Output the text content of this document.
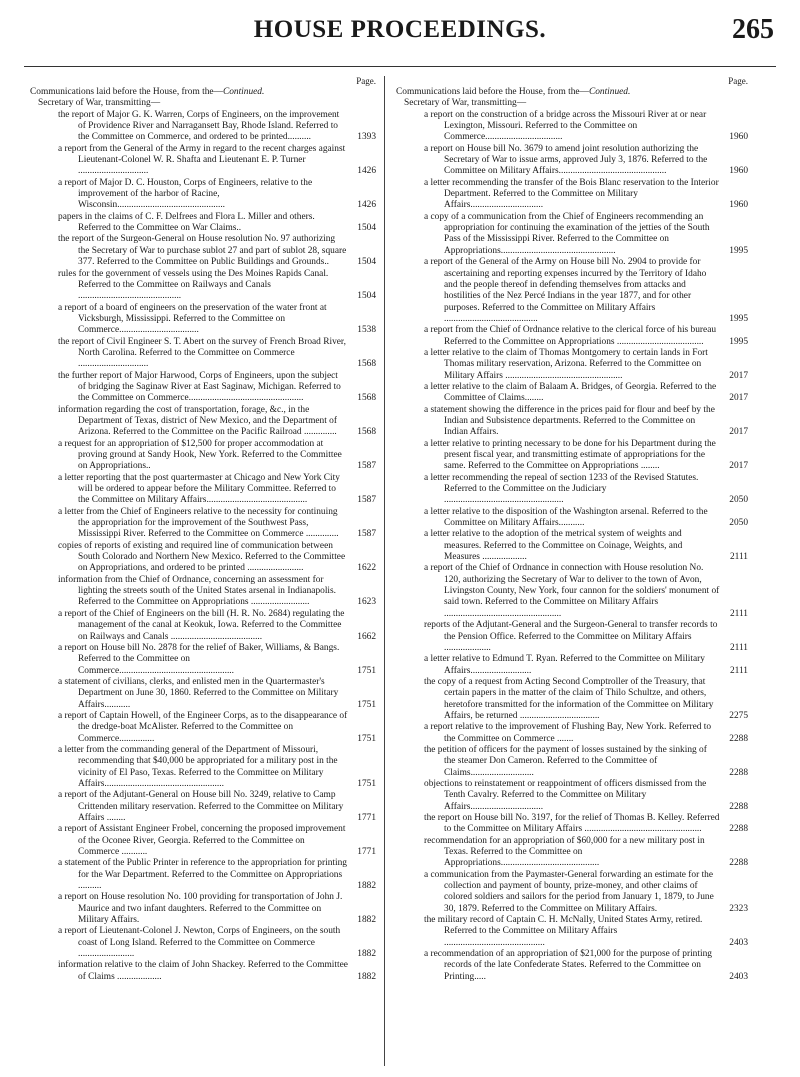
HOUSE PROCEEDINGS.	265
Page.
Communications laid before the House, from the—Continued.
Secretary of War, transmitting—
the report of Major G. K. Warren, Corps of Engineers, on the improvement of Providence River and Narragansett Bay, Rhode Island. Referred to the Committee on Commerce, and ordered to be printed..........	1393
a report from the General of the Army in regard to the recent charges against Lieutenant-Colonel W. R. Shafta and Lieutenant E. P. Turner ..............................	1426
a report of Major D. C. Houston, Corps of Engineers, relative to the improvement of the harbor of Racine, Wisconsin..............................................	1426
papers in the claims of C. F. Delfrees and Flora L. Miller and others. Referred to the Committee on War Claims..	1504
the report of the Surgeon-General on House resolution No. 97 authorizing the Secretary of War to purchase sublot 27 and part of sublot 28, square 377. Referred to the Committee on Public Buildings and Grounds..	1504
rules for the government of vessels using the Des Moines Rapids Canal. Referred to the Committee on Railways and Canals ............................................	1504
a report of a board of engineers on the preservation of the water front at Vicksburgh, Mississippi. Referred to the Committee on Commerce..................................	1538
the report of Civil Engineer S. T. Abert on the survey of French Broad River, North Carolina. Referred to the Committee on Commerce ..............................	1568
the further report of Major Harwood, Corps of Engineers, upon the subject of bridging the Saginaw River at East Saginaw, Michigan. Referred to the Committee on Commerce.................................................	1568
information regarding the cost of transportation, forage, &c., in the Department of Texas, district of New Mexico, and the Department of Arizona. Referred to the Committee on the Pacific Railroad .............. 1568
a request for an appropriation of $12,500 for proper accommodation at proving ground at Sandy Hook, New York. Referred to the Committee on Appropriations..	1587
a letter reporting that the post quartermaster at Chicago and New York City will be ordered to appear before the Military Committee. Referred to the Committee on Military Affairs...........................................	1587
a letter from the Chief of Engineers relative to the necessity for continuing the appropriation for the improvement of the Southwest Pass, Mississippi River. Referred to the Committee on Commerce .............. 1587
copies of reports of existing and required line of communication between South Colorado and Northern New Mexico. Referred to the Committee on Appropriations, and ordered to be printed ........................	1622
information from the Chief of Ordnance, concerning an assessment for lighting the streets south of the United States arsenal in Indianapolis. Referred to the Committee on Appropriations .........................	1623
a report of the Chief of Engineers on the bill (H. R. No. 2684) regulating the management of the canal at Keokuk, Iowa. Referred to the Committee on Railways and Canals .......................................	1662
a report on House bill No. 2878 for the relief of Baker, Williams, & Bangs. Referred to the Committee on Commerce.................................................	1751
a statement of civilians, clerks, and enlisted men in the Quartermaster's Department on June 30, 1860. Referred to the Committee on Military Affairs...........	1751
a report of Captain Howell, of the Engineer Corps, as to the disappearance of the dredge-boat McAlister. Referred to the Committee on Commerce...............	1751
a letter from the commanding general of the Department of Missouri, recommending that $40,000 be appropriated for a military post in the vicinity of El Paso, Texas. Referred to the Committee on Military Affairs...................................................	1751
a report of the Adjutant-General on House bill No. 3249, relative to Camp Crittenden military reservation. Referred to the Committee on Military Affairs ........	1771
a report of Assistant Engineer Frobel, concerning the proposed improvement of the Oconee River, Georgia. Referred to the Committee on Commerce ...........	1771
a statement of the Public Printer in reference to the appropriation for printing for the War Department. Referred to the Committee on Appropriations ..........	1882
a report on House resolution No. 100 providing for transportation of John J. Maurice and two infant daughters. Referred to the Committee on Military Affairs.	1882
a report of Lieutenant-Colonel J. Newton, Corps of Engineers, on the south coast of Long Island. Referred to the Committee on Commerce ........................	1882
information relative to the claim of John Shackey. Referred to the Committee of Claims ...................	1882
Page.
Communications laid before the House, from the—Continued.
Secretary of War, transmitting—
a report on the construction of a bridge across the Missouri River at or near Lexington, Missouri. Referred to the Committee on Commerce.................................	1960
a report on House bill No. 3679 to amend joint resolution authorizing the Secretary of War to issue arms, approved July 3, 1876. Referred to the Committee on Military Affairs..............................................	1960
a letter recommending the transfer of the Bois Blanc reservation to the Interior Department. Referred to the Committee on Military Affairs...............................	1960
a copy of a communication from the Chief of Engineers recommending an appropriation for continuing the examination of the jetties of the South Pass of the Mississippi River. Referred to the Committee on Appropriations.................................................	1995
a report of the General of the Army on House bill No. 2904 to provide for ascertaining and reporting expenses incurred by the Territory of Idaho and the people thereof in defending themselves from attacks and hostilities of the Nez Percé Indians in the year 1877, and for other purposes. Referred to the Committee on Military Affairs ........................................	1995
a report from the Chief of Ordnance relative to the clerical force of his bureau Referred to the Committee on Appropriations .....................................	1995
a letter relative to the claim of Thomas Montgomery to certain lands in Fort Thomas military reservation, Arizona. Referred to the Committee on Military Affairs ..................................................	2017
a letter relative to the claim of Balaam A. Bridges, of Georgia. Referred to the Committee of Claims........	2017
a statement showing the difference in the prices paid for flour and beef by the Indian and Subsistence departments. Referred to the Committee on Indian Affairs.	2017
a letter relative to printing necessary to be done for his Department during the present fiscal year, and transmitting estimate of appropriations for the same. Referred to the Committee on Appropriations ........	2017
a letter recommending the repeal of section 1233 of the Revised Statutes. Referred to the Committee on the Judiciary ...................................................	2050
a letter relative to the disposition of the Washington arsenal. Referred to the Committee on Military Affairs...........	2050
a letter relative to the adoption of the metrical system of weights and measures. Referred to the Committee on Coinage, Weights, and Measures ...................	2111
a report of the Chief of Ordnance in connection with House resolution No. 120, authorizing the Secretary of War to deliver to the town of Avon, Livingston County, New York, four cannon for the soldiers' monument of said town. Referred to the Committee on Military Affairs ..................................................	2111
reports of the Adjutant-General and the Surgeon-General to transfer records to the Pension Office. Referred to the Committee on Military Affairs ....................	2111
a letter relative to Edmund T. Ryan. Referred to the Committee on Military Affairs..........................	2111
the copy of a request from Acting Second Comptroller of the Treasury, that certain papers in the matter of the claim of Thilo Schultze, and others, heretofore transmitted for the information of the Committee on Military Affairs, be returned ..................................	2275
a report relative to the improvement of Flushing Bay, New York. Referred to the Committee on Commerce .......	2288
the petition of officers for the payment of losses sustained by the sinking of the steamer Don Cameron. Referred to the Committee of Claims...........................	2288
objections to reinstatement or reappointment of officers dismissed from the Tenth Cavalry. Referred to the Committee on Military Affairs...............................	2288
the report on House bill No. 3197, for the relief of Thomas B. Kelley. Referred to the Committee on Military Affairs ..................................................	2288
recommendation for an appropriation of $60,000 for a new military post in Texas. Referred to the Committee on Appropriations..........................................	2288
a communication from the Paymaster-General forwarding an estimate for the collection and payment of bounty, prize-money, and other claims of colored soldiers and sailors for the period from January 1, 1879, to June 30, 1879. Referred to the Committee on Military Affairs.	2323
the military record of Captain C. H. McNally, United States Army, retired. Referred to the Committee on Military Affairs ...........................................	2403
a recommendation of an appropriation of $21,000 for the purpose of printing records of the late Confederate States. Referred to the Committee on Printing.....	2403
